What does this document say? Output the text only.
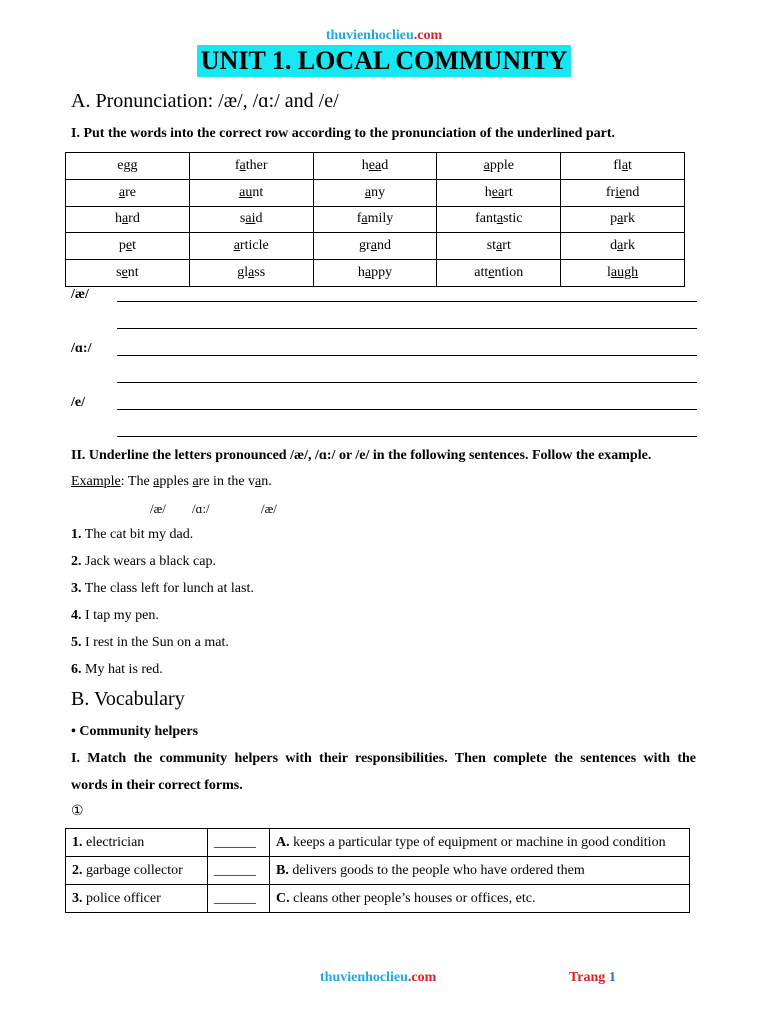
thuvienhoclieu.com
UNIT 1. LOCAL COMMUNITY
A. Pronunciation: /æ/, /ɑ:/ and /e/
I. Put the words into the correct row according to the pronunciation of the underlined part.
egg	father	head	apple	flat
are	aunt	any	heart	friend
hard	said	family	fantastic	park
pet	article	grand	start	dark
sent	glass	happy	attention	laugh
/æ/
/ɑ:/
/e/
II. Underline the letters pronounced /æ/, /ɑ:/ or /e/ in the following sentences. Follow the example.
Example: The apples are in the van.
/æ/ /ɑ:/	/æ/
1. The cat bit my dad.
2. Jack wears a black cap.
3. The class left for lunch at last.
4. I tap my pen.
5. I rest in the Sun on a mat.
6. My hat is red.
B. Vocabulary
• Community helpers
I. Match the community helpers with their responsibilities. Then complete the sentences with the
words in their correct forms.
①
1. electrician	______	A. keeps a particular type of equipment or machine in good condition
2. garbage collector	______	B. delivers goods to the people who have ordered them
3. police officer	______	C. cleans other people’s houses or offices, etc.
thuvienhoclieu.com	Trang 1
